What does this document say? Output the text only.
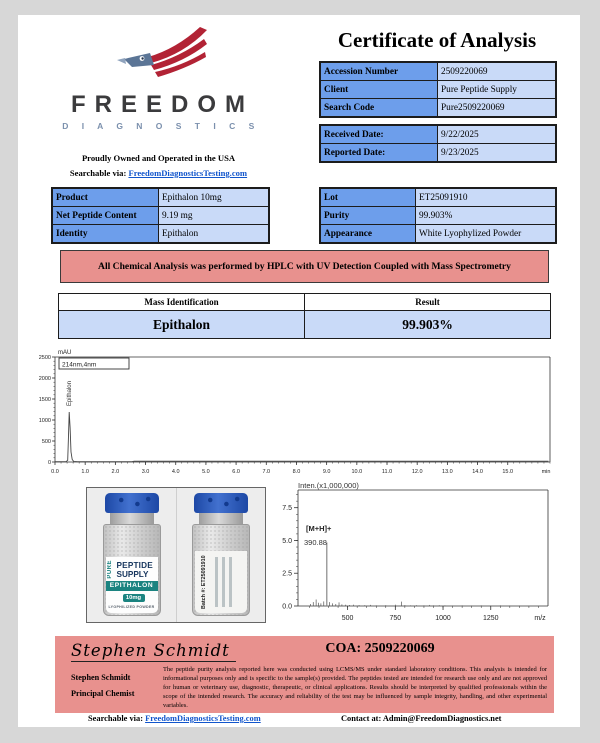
FREEDOM
D I A G N O S T I C S
Proudly Owned and Operated in the USA
Searchable via: FreedomDiagnosticsTesting.com
Certificate of Analysis
Accession Number	2509220069
Client	Pure Peptide Supply
Search Code	Pure2509220069
Received Date:	9/22/2025
Reported Date:	9/23/2025
Product	Epithalon 10mg
Net Peptide Content	9.19 mg
Identity	Epithalon
Lot	ET25091910
Purity	99.903%
Appearance	White Lyophylized Powder
All Chemical Analysis was performed by HPLC with UV Detection Coupled with Mass Spectrometry
Mass Identification	Result
Epithalon	99.903%
mAU
0
500
1000
1500
2000
2500
0.0	1.0	2.0	3.0	4.0	5.0	6.0	7.0	8.0	9.0	10.0	11.0	12.0	13.0	14.0	15.0	min
214nm,4nm
Epithalon
PURE PEPTIDE
SUPPLY
EPITHALON
10mg
LYOPHILIZED POWDER	Batch #: ET25091910
Inten.(x1,000,000)
0.0
2.5
5.0
7.5
500	750	1000	1250	m/z
[M+H]+
390.88
Stephen Schmidt
Stephen Schmidt
Principal Chemist
COA: 2509220069
The peptide purity analysis reported here was conducted using LCMS/MS under standard laboratory conditions. This analysis is intended for informational purposes only and is specific to the sample(s) provided. The peptides tested are intended for research use only and are not approved for human or veterinary use, diagnostic, therapeutic, or clinical applications. Results should be interpreted by qualified professionals within the scope of the intended research. The accuracy and reliability of the test may be influenced by sample integrity, handling, and other experimental variables.
Searchable via: FreedomDiagnosticsTesting.com	Contact at: Admin@FreedomDiagnostics.net
